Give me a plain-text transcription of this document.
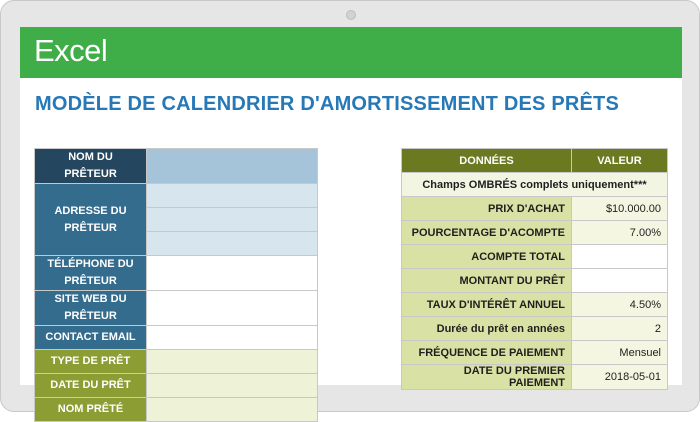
Excel
MODÈLE DE CALENDRIER D'AMORTISSEMENT DES PRÊTS
NOM DU PRÊTEUR	
ADRESSE DU PRÊTEUR	

TÉLÉPHONE DU PRÊTEUR	
SITE WEB DU PRÊTEUR	
CONTACT EMAIL	
TYPE DE PRÊT	
DATE DU PRÊT	
NOM PRÊTÉ	
DONNÉES	VALEUR
Champs OMBRÉS complets uniquement***	
PRIX D'ACHAT	$10.000.00
POURCENTAGE D'ACOMPTE	7.00%
ACOMPTE TOTAL	
MONTANT DU PRÊT	
TAUX D'INTÉRÊT ANNUEL	4.50%
Durée du prêt en années	2
FRÉQUENCE DE PAIEMENT	Mensuel
DATE DU PREMIER PAIEMENT	2018-05-01
